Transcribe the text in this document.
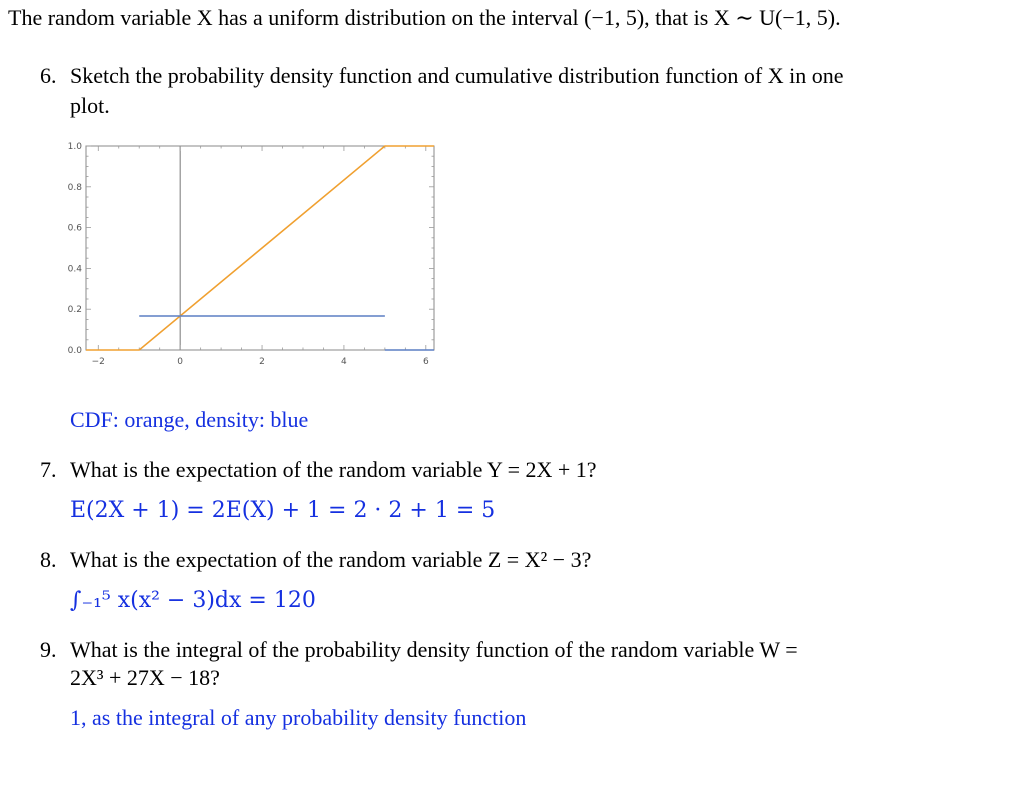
The random variable X has a uniform distribution on the interval (−1, 5), that is X ∼ U(−1, 5).
6. Sketch the probability density function and cumulative distribution function of X in one
plot.
−2	0	2	4	6
0.0
0.2
0.4
0.6
0.8
1.0
CDF: orange, density: blue
7. What is the expectation of the random variable Y = 2X + 1?
E(2X + 1) = 2E(X) + 1 = 2 · 2 + 1 = 5
8. What is the expectation of the random variable Z = X² − 3?
∫₋₁⁵ x(x² − 3)dx = 120
9. What is the integral of the probability density function of the random variable W =
2X³ + 27X − 18?
1, as the integral of any probability density function
